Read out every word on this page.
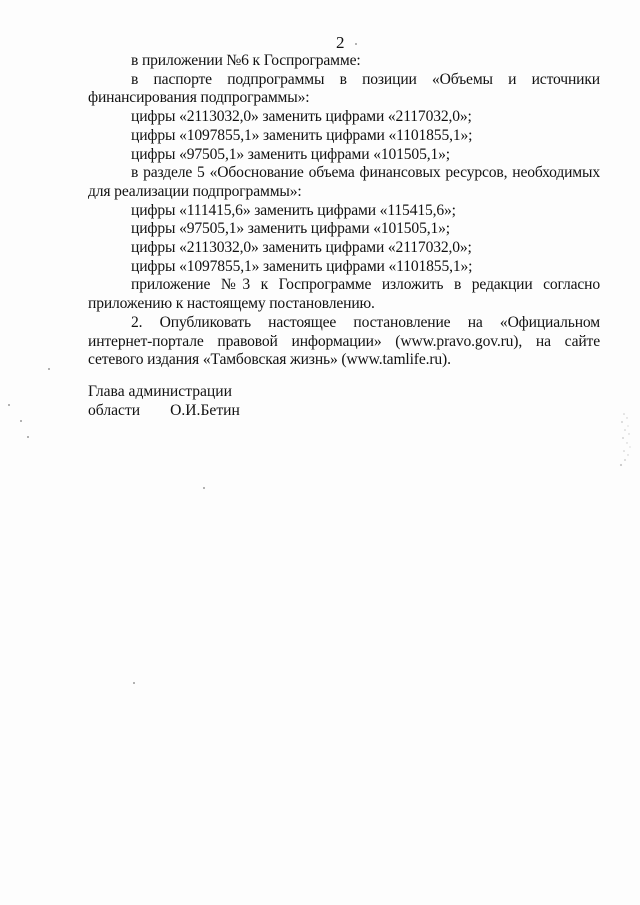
2

в приложении №6 к Госпрограмме:

в паспорте подпрограммы в позиции «Объемы и источники финансирования подпрограммы»:

цифры «2113032,0» заменить цифрами «2117032,0»;

цифры «1097855,1» заменить цифрами «1101855,1»;

цифры «97505,1» заменить цифрами «101505,1»;

в разделе 5 «Обоснование объема финансовых ресурсов, необходимых для реализации подпрограммы»:

цифры «111415,6» заменить цифрами «115415,6»;

цифры «97505,1» заменить цифрами «101505,1»;

цифры «2113032,0» заменить цифрами «2117032,0»;

цифры «1097855,1» заменить цифрами «1101855,1»;

приложение №3 к Госпрограмме изложить в редакции согласно приложению к настоящему постановлению.

2. Опубликовать настоящее постановление на «Официальном интернет-портале правовой информации» (www.pravo.gov.ru), на сайте сетевого издания «Тамбовская жизнь» (www.tamlife.ru).

Глава администрации
области О.И.Бетин
